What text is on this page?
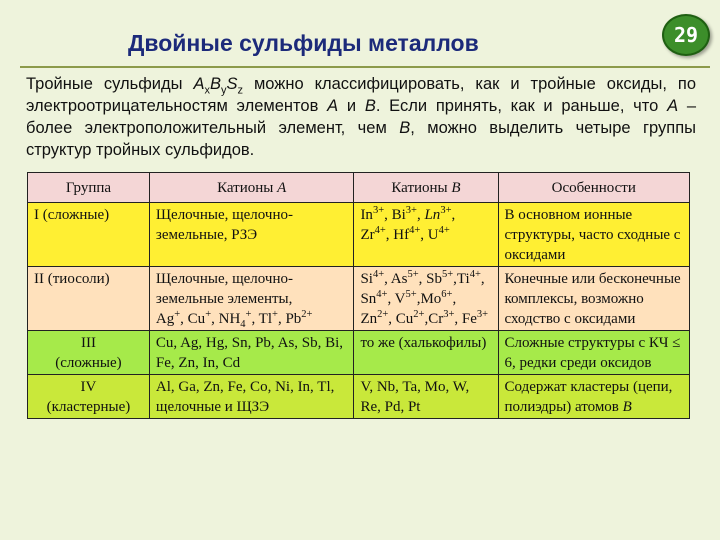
Двойные сульфиды металлов	29
Тройные сульфиды $A_xB_yS_z$ можно классифицировать, как и тройные оксиды, по электроотрицательностям элементов A и B. Если принять, как и раньше, что A – более электроположительный элемент, чем B, можно выделить четыре группы структур тройных сульфидов.
Группа	Катионы A	Катионы B	Особенности
I (сложные)	Щелочные, щелочно-земельные, РЗЭ	$In^{3+}$, $Bi^{3+}$, $Ln^{3+}$,
$Zr^{4+}$, $Hf^{4+}$, $U^{4+}$	В основном ионные структуры, часто сходные с оксидами
II (тиосоли)	Щелочные, щелочно-земельные элементы,
Ag+, Cu+, $NH_4^+$, Tl+, $Pb^{2+}$	$Si^{4+}$, $As^{5+}$, $Sb^{5+},Ti^{4+}$, $Sn^{4+}$, $V^{5+},Mo^{6+}$, $Zn^{2+}$, $Cu^{2+},Cr^{3+}$, $Fe^{3+}$	Конечные или бесконечные комплексы, возможно сходство с оксидами
III
(сложные)	Cu, Ag, Hg, Sn, Pb, As, Sb, Bi, Fe, Zn, In, Cd	то же (халькофилы)	Сложные структуры с КЧ ≤ 6, редки среди оксидов
IV
(кластерные)	Al, Ga, Zn, Fe, Co, Ni, In, Tl, щелочные и ЩЗЭ	V, Nb, Ta, Mo, W, Re, Pd, Pt	Содержат кластеры (цепи, полиэдры) атомов B
